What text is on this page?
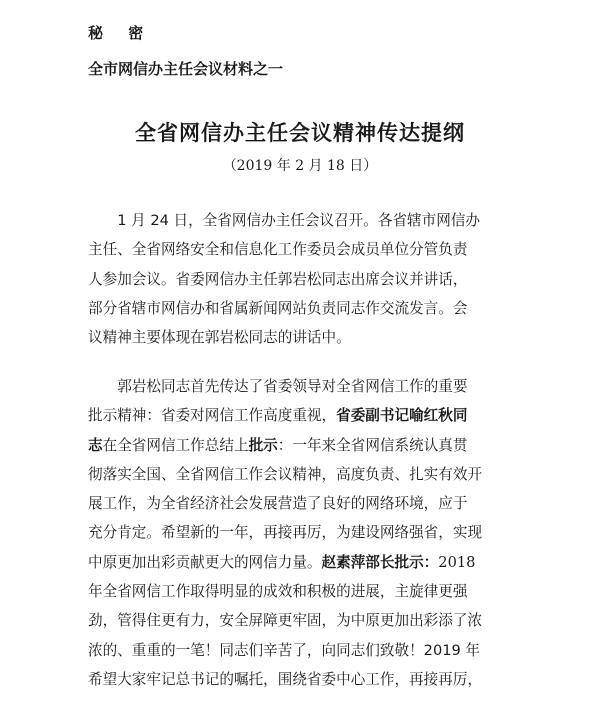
秘 密
全市网信办主任会议材料之一
全省网信办主任会议精神传达提纲
（2019 年 2 月 18 日）
　　1 月 24 日，全省网信办主任会议召开。各省辖市网信办
主任、全省网络安全和信息化工作委员会成员单位分管负责
人参加会议。省委网信办主任郭岩松同志出席会议并讲话，
部分省辖市网信办和省属新闻网站负责同志作交流发言。会
议精神主要体现在郭岩松同志的讲话中。
　　郭岩松同志首先传达了省委领导对全省网信工作的重要
批示精神：省委对网信工作高度重视，省委副书记喻红秋同
志在全省网信工作总结上批示：一年来全省网信系统认真贯
彻落实全国、全省网信工作会议精神，高度负责、扎实有效开
展工作，为全省经济社会发展营造了良好的网络环境，应于
充分肯定。希望新的一年，再接再厉，为建设网络强省，实现
中原更加出彩贡献更大的网信力量。赵素萍部长批示：2018
年全省网信工作取得明显的成效和积极的进展，主旋律更强
劲，管得住更有力，安全屏障更牢固，为中原更加出彩添了浓
浓的、重重的一笔！同志们辛苦了，向同志们致敬！2019 年
希望大家牢记总书记的嘱托，围绕省委中心工作，再接再厉，
